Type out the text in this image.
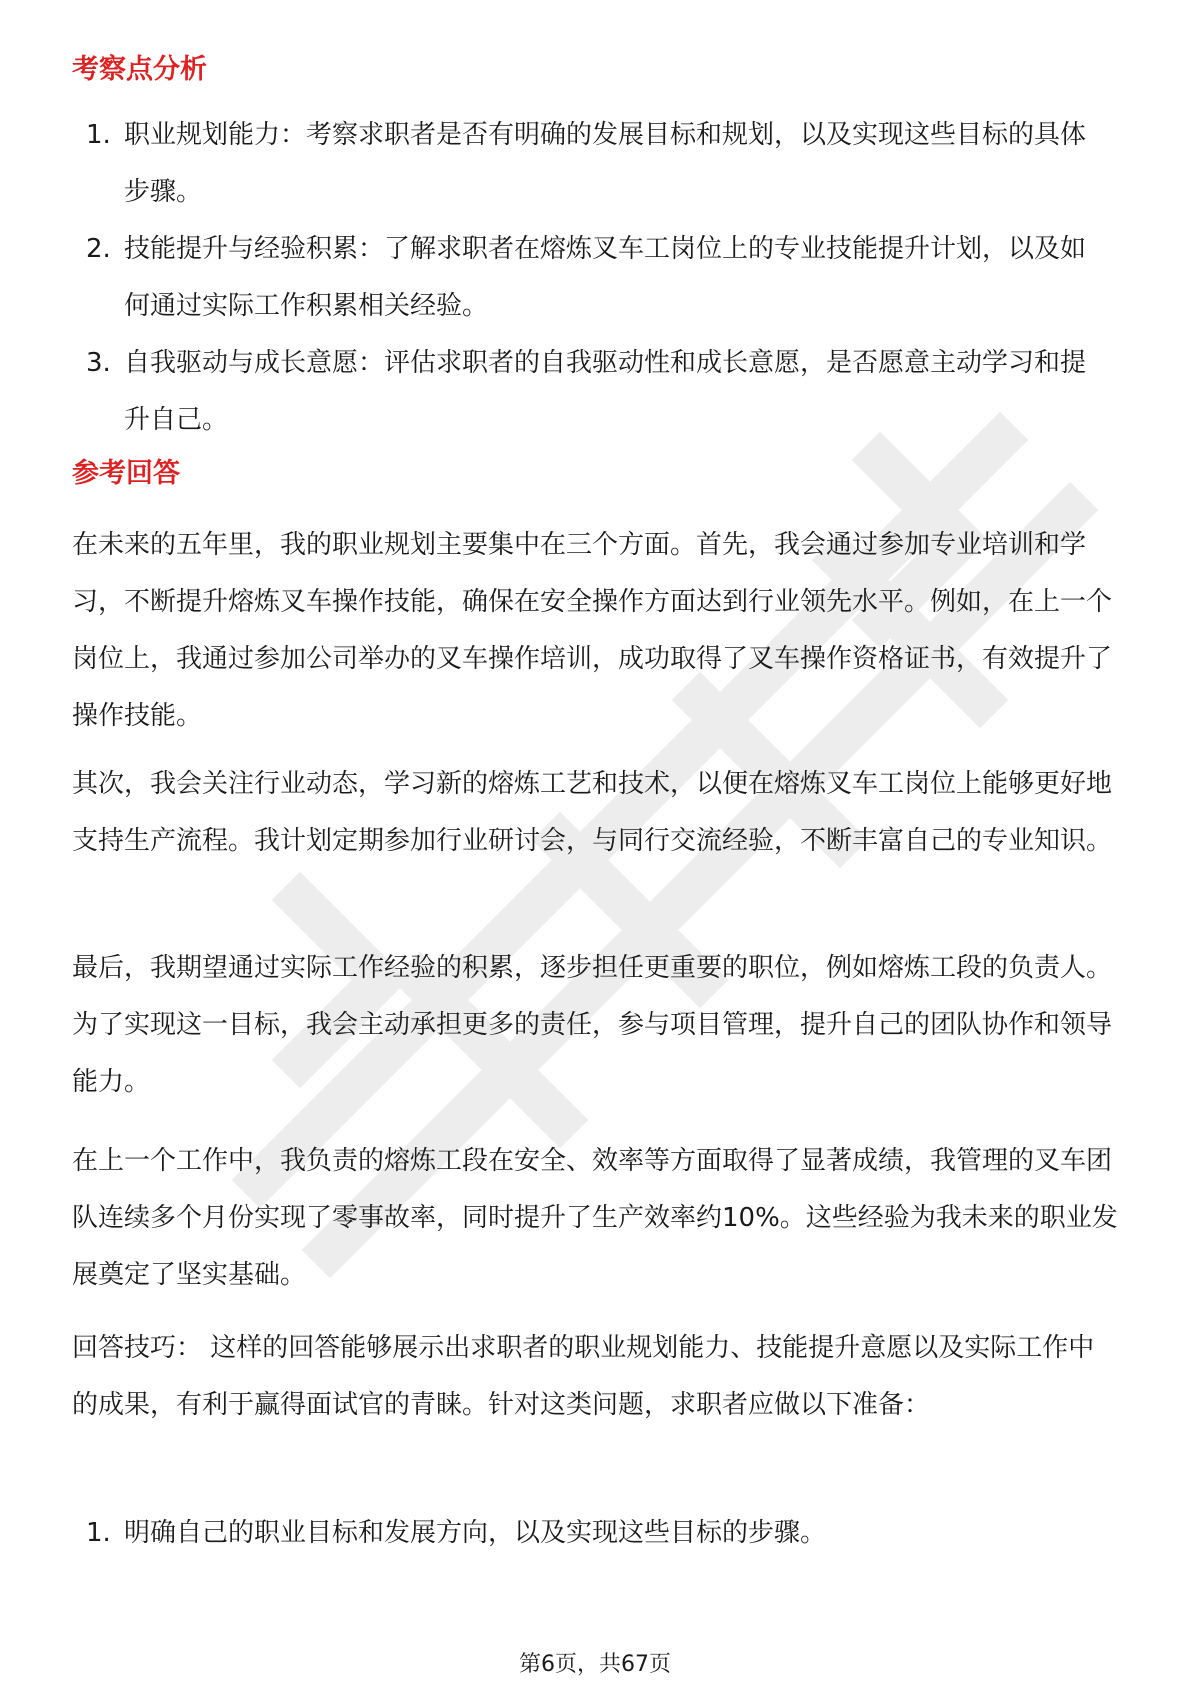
考察点分析
1. 职业规划能力：考察求职者是否有明确的发展目标和规划，以及实现这些目标的具体步骤。
2. 技能提升与经验积累：了解求职者在熔炼叉车工岗位上的专业技能提升计划，以及如何通过实际工作积累相关经验。
3. 自我驱动与成长意愿：评估求职者的自我驱动性和成长意愿，是否愿意主动学习和提升自己。
参考回答

在未来的五年里，我的职业规划主要集中在三个方面。首先，我会通过参加专业培训和学习，不断提升熔炼叉车操作技能，确保在安全操作方面达到行业领先水平。例如，在上一个岗位上，我通过参加公司举办的叉车操作培训，成功取得了叉车操作资格证书，有效提升了操作技能。

其次，我会关注行业动态，学习新的熔炼工艺和技术，以便在熔炼叉车工岗位上能够更好地支持生产流程。我计划定期参加行业研讨会，与同行交流经验，不断丰富自己的专业知识。

最后，我期望通过实际工作经验的积累，逐步担任更重要的职位，例如熔炼工段的负责人。为了实现这一目标，我会主动承担更多的责任，参与项目管理，提升自己的团队协作和领导能力。

在上一个工作中，我负责的熔炼工段在安全、效率等方面取得了显著成绩，我管理的叉车团队连续多个月份实现了零事故率，同时提升了生产效率约10%。这些经验为我未来的职业发展奠定了坚实基础。

回答技巧： 这样的回答能够展示出求职者的职业规划能力、技能提升意愿以及实际工作中的成果，有利于赢得面试官的青睐。针对这类问题，求职者应做以下准备：

1. 明确自己的职业目标和发展方向，以及实现这些目标的步骤。
第6页，共67页
